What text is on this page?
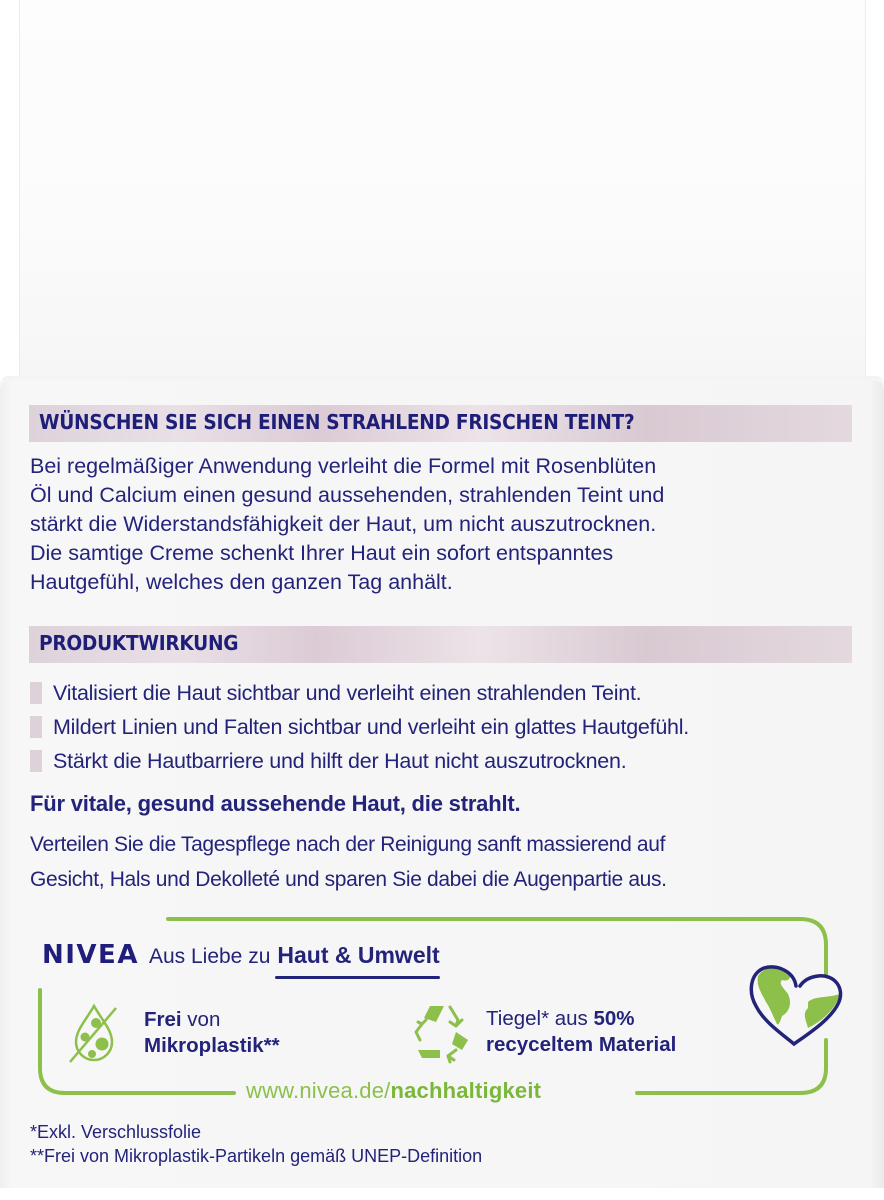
WÜNSCHEN SIE SICH EINEN STRAHLEND FRISCHEN TEINT?
Bei regelmäßiger Anwendung verleiht die Formel mit Rosenblüten
Öl und Calcium einen gesund aussehenden, strahlenden Teint und
stärkt die Widerstandsfähigkeit der Haut, um nicht auszutrocknen.
Die samtige Creme schenkt Ihrer Haut ein sofort entspanntes
Hautgefühl, welches den ganzen Tag anhält.
PRODUKTWIRKUNG
Vitalisiert die Haut sichtbar und verleiht einen strahlenden Teint.
Mildert Linien und Falten sichtbar und verleiht ein glattes Hautgefühl.
Stärkt die Hautbarriere und hilft der Haut nicht auszutrocknen.
Für vitale, gesund aussehende Haut, die strahlt.
Verteilen Sie die Tagespflege nach der Reinigung sanft massierend auf
Gesicht, Hals und Dekolleté und sparen Sie dabei die Augenpartie aus.
NIVEA Aus Liebe zu Haut & Umwelt
Frei von
Mikroplastik**
Tiegel* aus 50%
recyceltem Material
www.nivea.de/nachhaltigkeit
*Exkl. Verschlussfolie
**Frei von Mikroplastik-Partikeln gemäß UNEP-Definition
